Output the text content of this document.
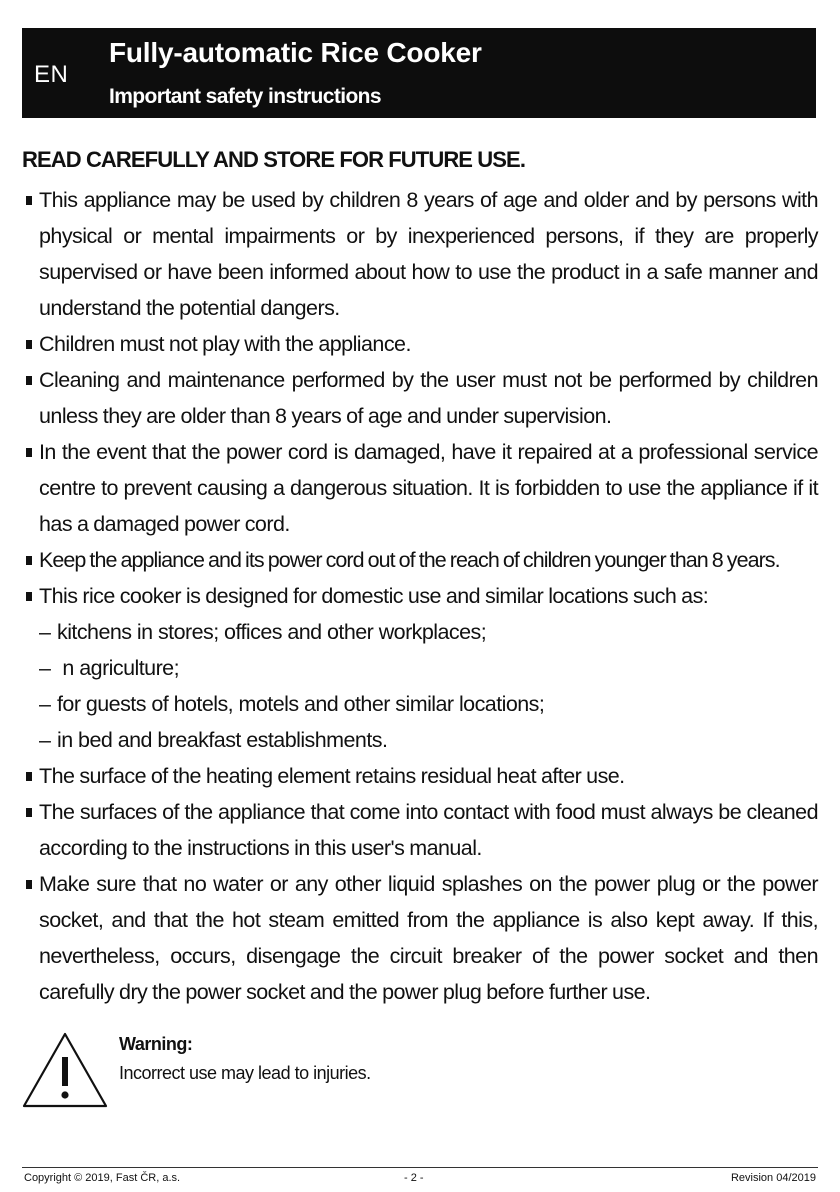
EN
Fully-automatic Rice Cooker
Important safety instructions
READ CAREFULLY AND STORE FOR FUTURE USE.
This appliance may be used by children 8 years of age and older and by persons with physical or mental impairments or by inexperienced persons, if they are properly supervised or have been informed about how to use the product in a safe manner and understand the potential dangers.
Children must not play with the appliance.
Cleaning and maintenance performed by the user must not be performed by children unless they are older than 8 years of age and under supervision.
In the event that the power cord is damaged, have it repaired at a professional service centre to prevent causing a dangerous situation. It is forbidden to use the appliance if it has a damaged power cord.
Keep the appliance and its power cord out of the reach of children younger than 8 years.
This rice cooker is designed for domestic use and similar locations such as:
– kitchens in stores; offices and other workplaces;
– n agriculture;
– for guests of hotels, motels and other similar locations;
– in bed and breakfast establishments.
The surface of the heating element retains residual heat after use.
The surfaces of the appliance that come into contact with food must always be cleaned according to the instructions in this user's manual.
Make sure that no water or any other liquid splashes on the power plug or the power socket, and that the hot steam emitted from the appliance is also kept away. If this, nevertheless, occurs, disengage the circuit breaker of the power socket and then carefully dry the power socket and the power plug before further use.
Warning:
Incorrect use may lead to injuries.
Copyright © 2019, Fast ČR, a.s.	- 2 -	Revision 04/2019
